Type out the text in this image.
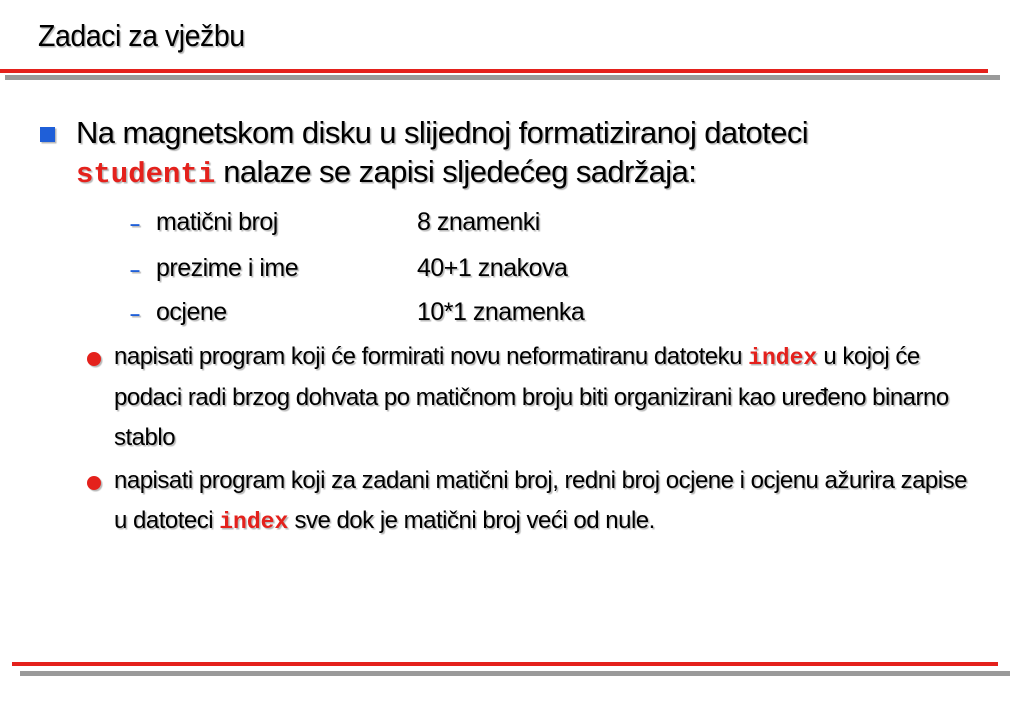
Zadaci za vježbu
Na magnetskom disku u slijednoj formatiziranoj datoteci
studenti nalaze se zapisi sljedećeg sadržaja:
– matični broj	8 znamenki
– prezime i ime	40+1 znakova
– ocjene	10*1 znamenka
napisati program koji će formirati novu neformatiranu datoteku index u kojoj će podaci radi brzog dohvata po matičnom broju biti organizirani kao uređeno binarno stablo
napisati program koji za zadani matični broj, redni broj ocjene i ocjenu ažurira zapise u datoteci index sve dok je matični broj veći od nule.
